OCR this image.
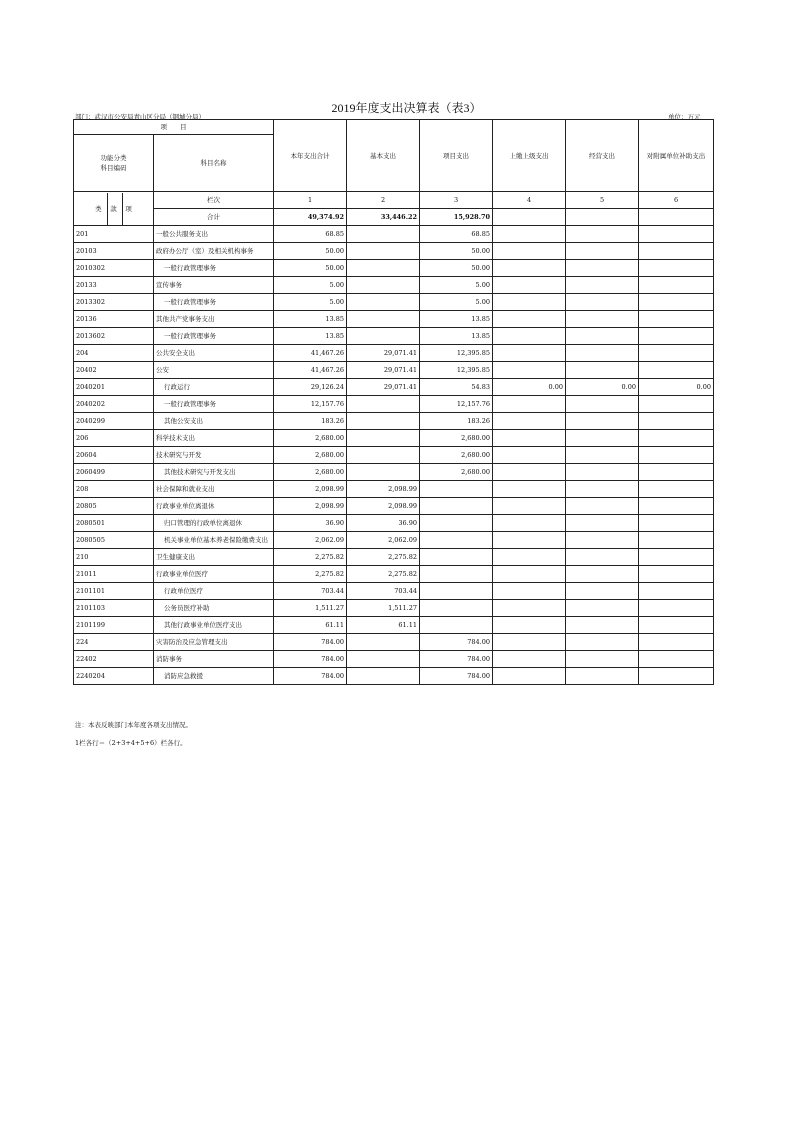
2019年度支出决算表（表3）
部门：武汉市公安局青山区分局（钢城分局）	单位：万元
项　　目		本年支出合计	基本支出	项目支出	上缴上级支出	经营支出	对附属单位补助支出
功能分类
科目编码	科目名称						

类 款 项	栏次	1	2	3	4	5	6
	合计	49,374.92	33,446.22	15,928.70			
201	一般公共服务支出	68.85		68.85			
20103	政府办公厅（室）及相关机构事务	50.00		50.00			
2010302	一般行政管理事务	50.00		50.00			
20133	宣传事务	5.00		5.00			
2013302	一般行政管理事务	5.00		5.00			
20136	其他共产党事务支出	13.85		13.85			
2013602	一般行政管理事务	13.85		13.85			
204	公共安全支出	41,467.26	29,071.41	12,395.85			
20402	公安	41,467.26	29,071.41	12,395.85			
2040201	行政运行	29,126.24	29,071.41	54.83	0.00	0.00	0.00
2040202	一般行政管理事务	12,157.76		12,157.76			
2040299	其他公安支出	183.26		183.26			
206	科学技术支出	2,680.00		2,680.00			
20604	技术研究与开发	2,680.00		2,680.00			
2060499	其他技术研究与开发支出	2,680.00		2,680.00			
208	社会保障和就业支出	2,098.99	2,098.99				
20805	行政事业单位离退休	2,098.99	2,098.99				
2080501	归口管理的行政单位离退休	36.90	36.90				
2080505	机关事业单位基本养老保险缴费支出	2,062.09	2,062.09				
210	卫生健康支出	2,275.82	2,275.82				
21011	行政事业单位医疗	2,275.82	2,275.82				
2101101	行政单位医疗	703.44	703.44				
2101103	公务员医疗补助	1,511.27	1,511.27				
2101199	其他行政事业单位医疗支出	61.11	61.11				
224	灾害防治及应急管理支出	784.00		784.00			
22402	消防事务	784.00		784.00			
2240204	消防应急救援	784.00		784.00			
注：本表反映部门本年度各项支出情况。
1栏各行＝（2+3+4+5+6）栏各行。
